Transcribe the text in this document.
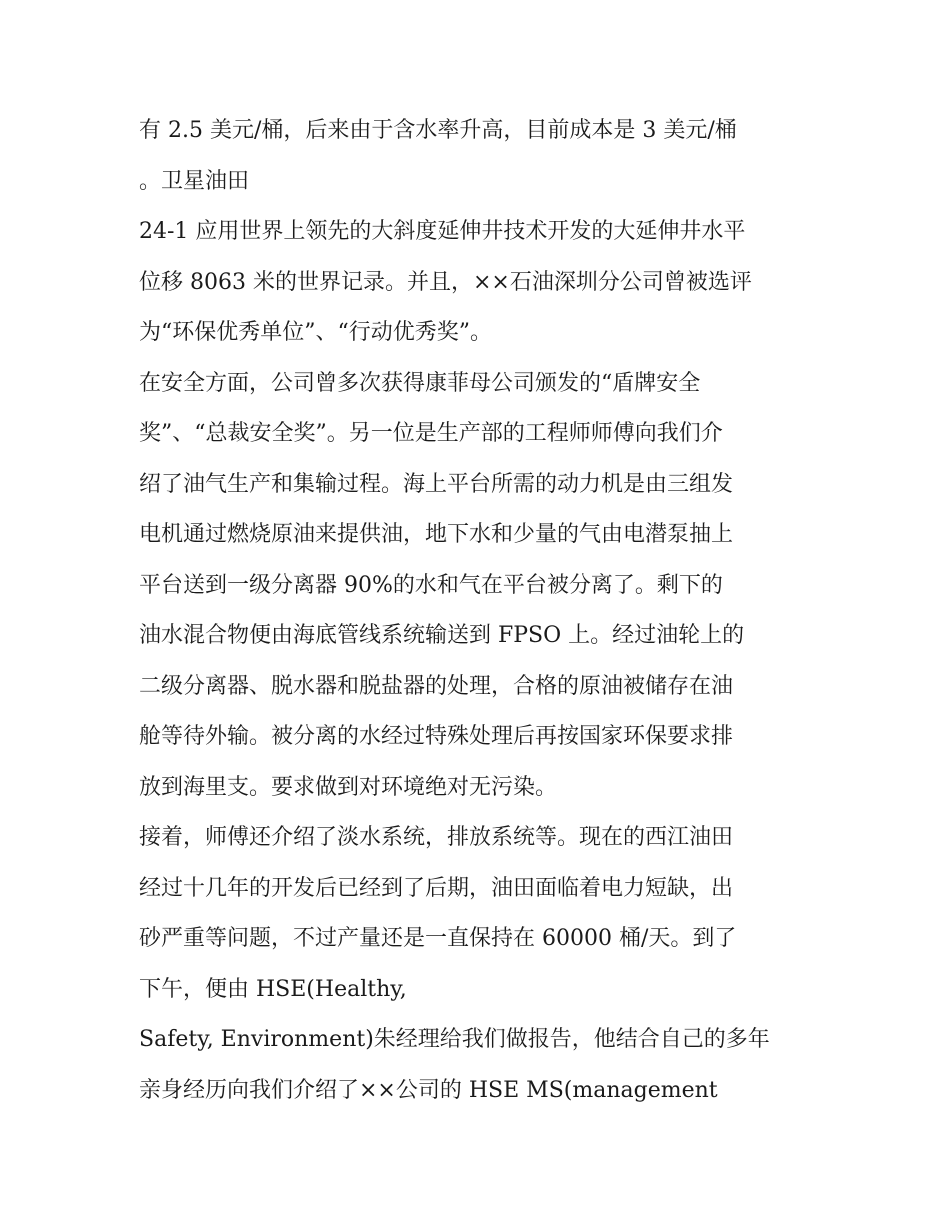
有 2.5 美元/桶，后来由于含水率升高，目前成本是 3 美元/桶
。卫星油田
24-1 应用世界上领先的大斜度延伸井技术开发的大延伸井水平
位移 8063 米的世界记录。并且，××石油深圳分公司曾被选评
为“环保优秀单位”、“行动优秀奖”。
在安全方面，公司曾多次获得康菲母公司颁发的“盾牌安全
奖”、“总裁安全奖”。另一位是生产部的工程师师傅向我们介
绍了油气生产和集输过程。海上平台所需的动力机是由三组发
电机通过燃烧原油来提供油，地下水和少量的气由电潜泵抽上
平台送到一级分离器 90%的水和气在平台被分离了。剩下的
油水混合物便由海底管线系统输送到 FPSO 上。经过油轮上的
二级分离器、脱水器和脱盐器的处理，合格的原油被储存在油
舱等待外输。被分离的水经过特殊处理后再按国家环保要求排
放到海里支。要求做到对环境绝对无污染。
接着，师傅还介绍了淡水系统，排放系统等。现在的西江油田
经过十几年的开发后已经到了后期，油田面临着电力短缺，出
砂严重等问题，不过产量还是一直保持在 60000 桶/天。到了
下午，便由 HSE(Healthy,
Safety, Environment)朱经理给我们做报告，他结合自己的多年
亲身经历向我们介绍了××公司的 HSE MS(management
